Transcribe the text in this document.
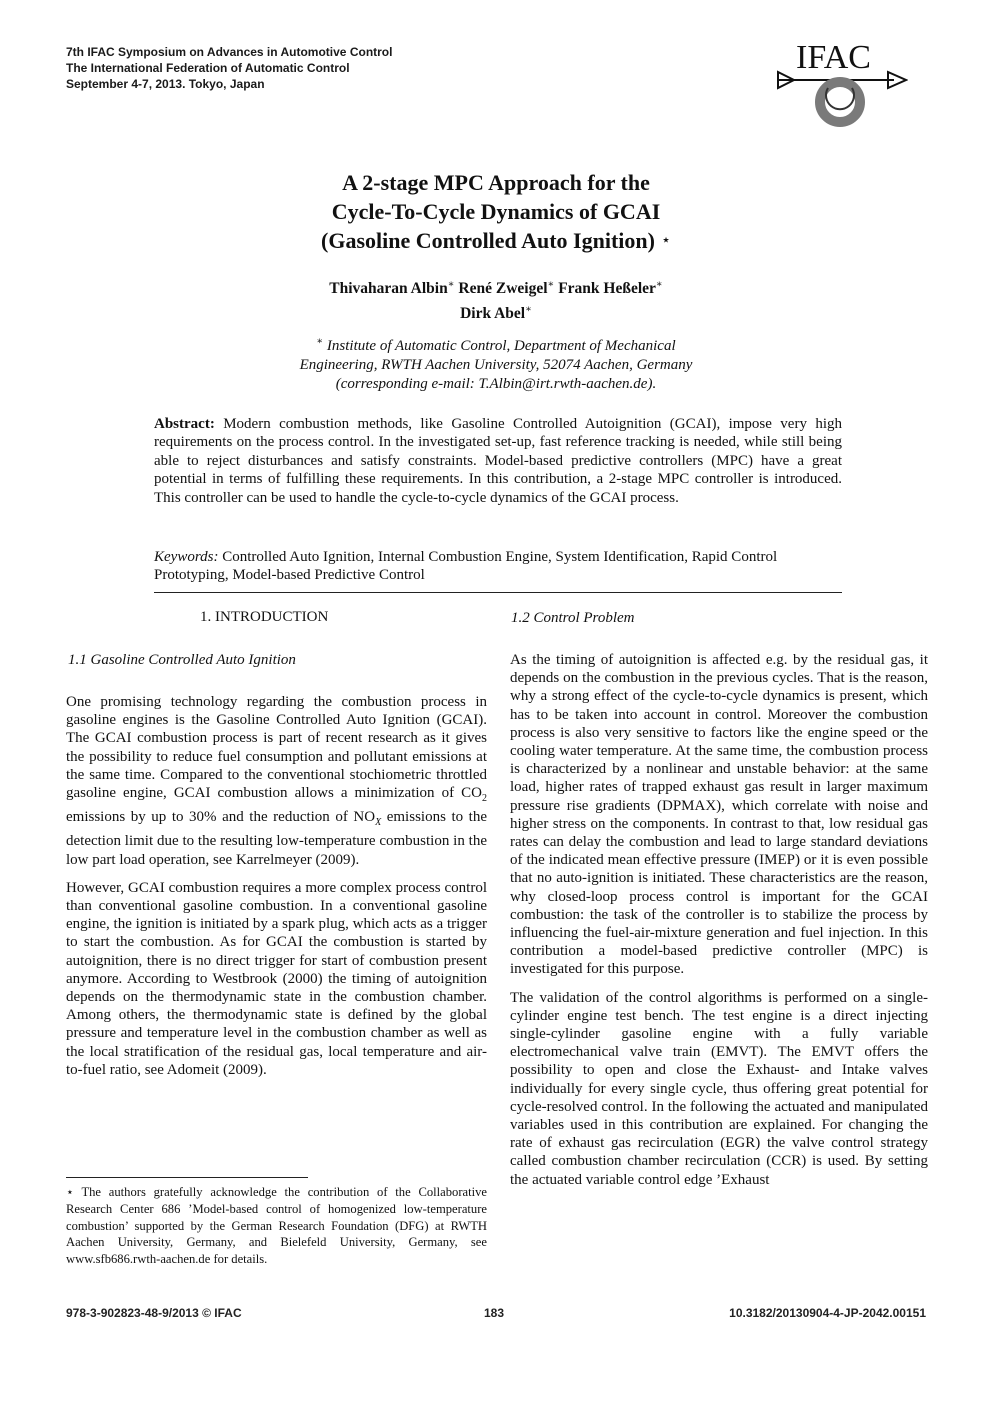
7th IFAC Symposium on Advances in Automotive Control
The International Federation of Automatic Control
September 4-7, 2013. Tokyo, Japan
IFAC
A 2-stage MPC Approach for the
Cycle-To-Cycle Dynamics of GCAI
(Gasoline Controlled Auto Ignition) ⋆
Thivaharan Albin∗ René Zweigel∗ Frank Heßeler∗
Dirk Abel∗
∗ Institute of Automatic Control, Department of Mechanical
Engineering, RWTH Aachen University, 52074 Aachen, Germany
(corresponding e-mail: T.Albin@irt.rwth-aachen.de).
Abstract: Modern combustion methods, like Gasoline Controlled Autoignition (GCAI), impose very high requirements on the process control. In the investigated set-up, fast reference tracking is needed, while still being able to reject disturbances and satisfy constraints. Model-based predictive controllers (MPC) have a great potential in terms of fulfilling these requirements. In this contribution, a 2-stage MPC controller is introduced. This controller can be used to handle the cycle-to-cycle dynamics of the GCAI process.
Keywords: Controlled Auto Ignition, Internal Combustion Engine, System Identification, Rapid Control Prototyping, Model-based Predictive Control
1. INTRODUCTION
1.1 Gasoline Controlled Auto Ignition
1.2 Control Problem

One promising technology regarding the combustion process in gasoline engines is the Gasoline Controlled Auto Ignition (GCAI). The GCAI combustion process is part of recent research as it gives the possibility to reduce fuel consumption and pollutant emissions at the same time. Compared to the conventional stochiometric throttled gasoline engine, GCAI combustion allows a minimization of $CO_2$ emissions by up to 30% and the reduction of $NO_X$ emissions to the detection limit due to the resulting low-temperature combustion in the low part load operation, see Karrelmeyer (2009).

However, GCAI combustion requires a more complex process control than conventional gasoline combustion. In a conventional gasoline engine, the ignition is initiated by a spark plug, which acts as a trigger to start the combustion. As for GCAI the combustion is started by autoignition, there is no direct trigger for start of combustion present anymore. According to Westbrook (2000) the timing of autoignition depends on the thermodynamic state in the combustion chamber. Among others, the thermodynamic state is defined by the global pressure and temperature level in the combustion chamber as well as the local stratification of the residual gas, local temperature and air-to-fuel ratio, see Adomeit (2009).

As the timing of autoignition is affected e.g. by the residual gas, it depends on the combustion in the previous cycles. That is the reason, why a strong effect of the cycle-to-cycle dynamics is present, which has to be taken into account in control. Moreover the combustion process is also very sensitive to factors like the engine speed or the cooling water temperature. At the same time, the combustion process is characterized by a nonlinear and unstable behavior: at the same load, higher rates of trapped exhaust gas result in larger maximum pressure rise gradients (DPMAX), which correlate with noise and higher stress on the components. In contrast to that, low residual gas rates can delay the combustion and lead to large standard deviations of the indicated mean effective pressure (IMEP) or it is even possible that no auto-ignition is initiated. These characteristics are the reason, why closed-loop process control is important for the GCAI combustion: the task of the controller is to stabilize the process by influencing the fuel-air-mixture generation and fuel injection. In this contribution a model-based predictive controller (MPC) is investigated for this purpose.

The validation of the control algorithms is performed on a single-cylinder engine test bench. The test engine is a direct injecting single-cylinder gasoline engine with a fully variable electromechanical valve train (EMVT). The EMVT offers the possibility to open and close the Exhaust- and Intake valves individually for every single cycle, thus offering great potential for cycle-resolved control. In the following the actuated and manipulated variables used in this contribution are explained. For changing the rate of exhaust gas recirculation (EGR) the valve control strategy called combustion chamber recirculation (CCR) is used. By setting the actuated variable control edge ’Exhaust

⋆ The authors gratefully acknowledge the contribution of the Collaborative Research Center 686 ’Model-based control of homogenized low-temperature combustion’ supported by the German Research Foundation (DFG) at RWTH Aachen University, Germany, and Bielefeld University, Germany, see www.sfb686.rwth-aachen.de for details.
978-3-902823-48-9/2013 © IFAC	183	10.3182/20130904-4-JP-2042.00151
